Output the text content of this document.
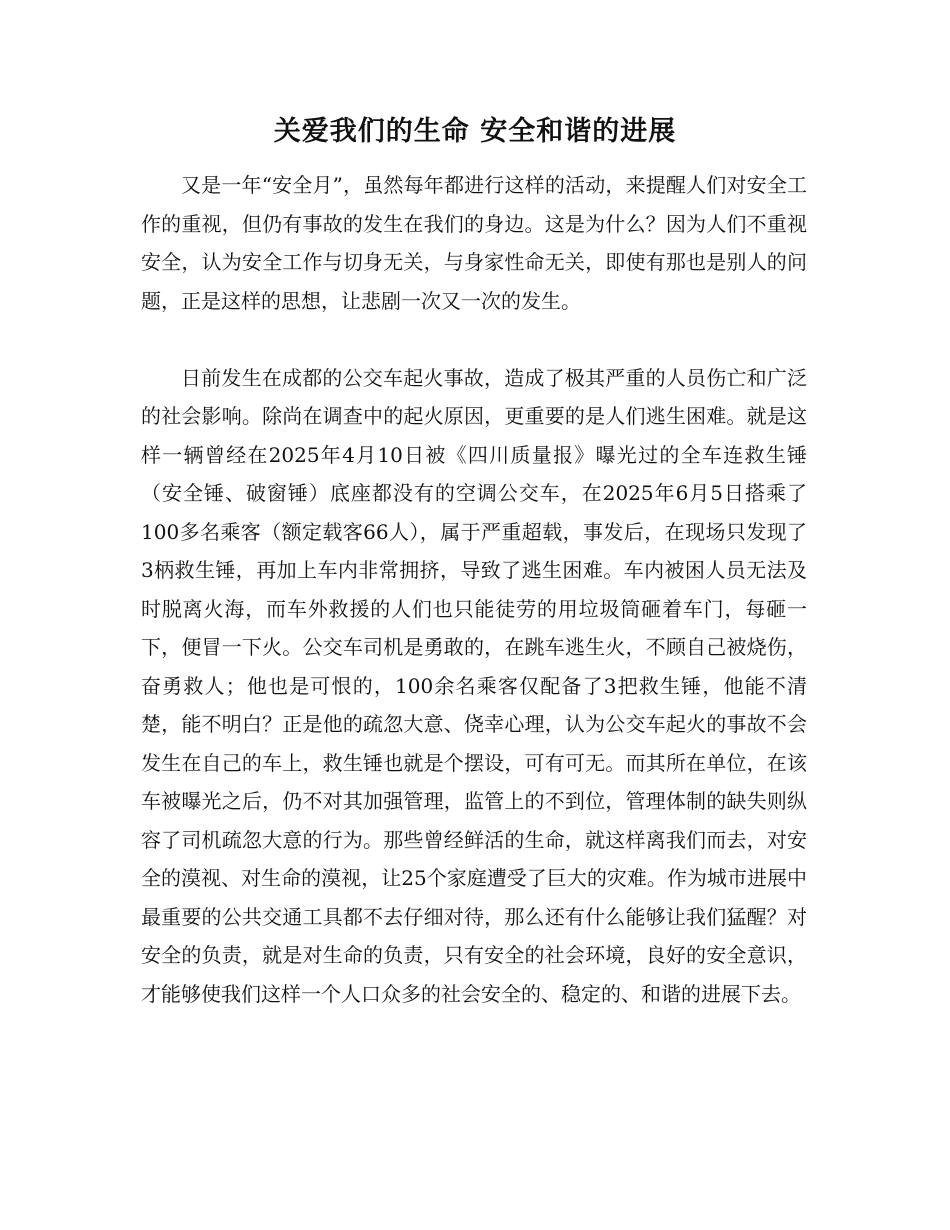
关爱我们的生命 安全和谐的进展

又是一年“安全月”，虽然每年都进行这样的活动，来提醒人们对安全工作的重视，但仍有事故的发生在我们的身边。这是为什么？因为人们不重视安全，认为安全工作与切身无关，与身家性命无关，即使有那也是别人的问题，正是这样的思想，让悲剧一次又一次的发生。

日前发生在成都的公交车起火事故，造成了极其严重的人员伤亡和广泛的社会影响。除尚在调查中的起火原因，更重要的是人们逃生困难。就是这样一辆曾经在2025年4月10日被《四川质量报》曝光过的全车连救生锤（安全锤、破窗锤）底座都没有的空调公交车，在2025年6月5日搭乘了100多名乘客（额定载客66人），属于严重超载，事发后，在现场只发现了3柄救生锤，再加上车内非常拥挤，导致了逃生困难。车内被困人员无法及时脱离火海，而车外救援的人们也只能徒劳的用垃圾筒砸着车门，每砸一下，便冒一下火。公交车司机是勇敢的，在跳车逃生火，不顾自己被烧伤，奋勇救人；他也是可恨的，100余名乘客仅配备了3把救生锤，他能不清楚，能不明白？正是他的疏忽大意、侥幸心理，认为公交车起火的事故不会发生在自己的车上，救生锤也就是个摆设，可有可无。而其所在单位，在该车被曝光之后，仍不对其加强管理，监管上的不到位，管理体制的缺失则纵容了司机疏忽大意的行为。那些曾经鲜活的生命，就这样离我们而去，对安全的漠视、对生命的漠视，让25个家庭遭受了巨大的灾难。作为城市进展中最重要的公共交通工具都不去仔细对待，那么还有什么能够让我们猛醒？对安全的负责，就是对生命的负责，只有安全的社会环境，良好的安全意识，才能够使我们这样一个人口众多的社会安全的、稳定的、和谐的进展下去。
